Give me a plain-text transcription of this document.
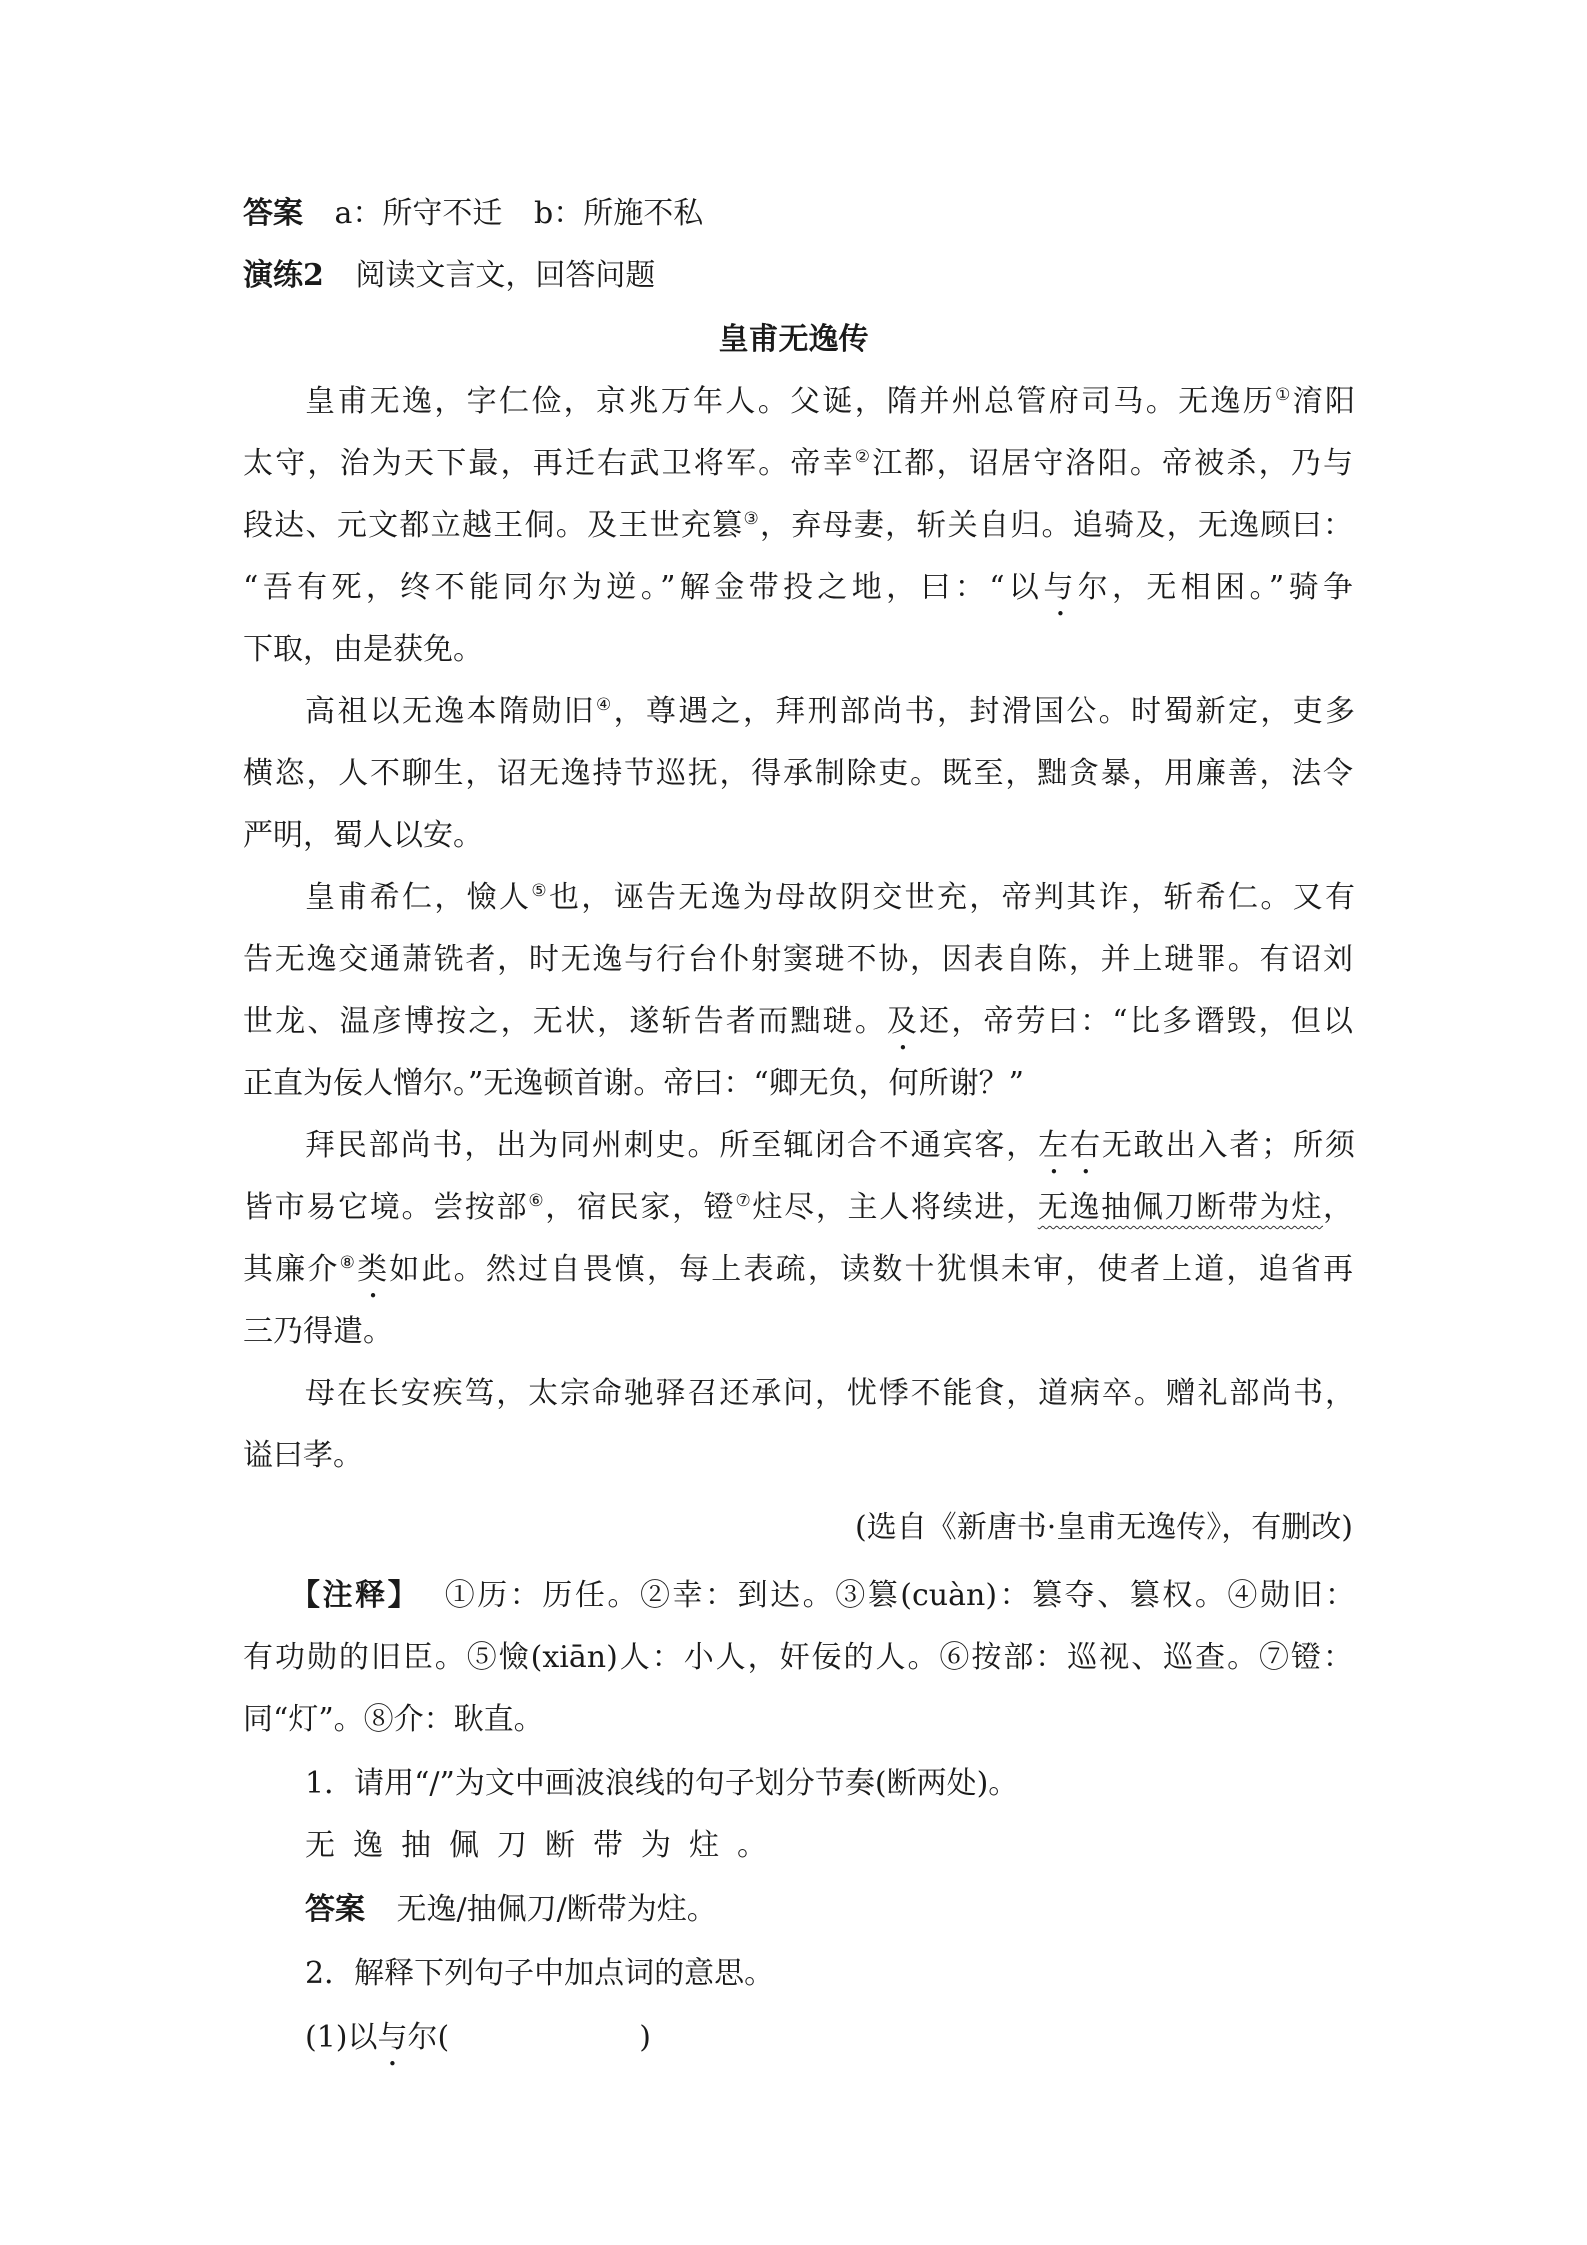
答案 a：所守不迁 b：所施不私
演练2 阅读文言文，回答问题
皇甫无逸传
皇甫无逸，字仁俭，京兆万年人。父诞，隋并州总管府司马。无逸历①淯阳
太守，治为天下最，再迁右武卫将军。帝幸②江都，诏居守洛阳。帝被杀，乃与
段达、元文都立越王侗。及王世充篡③，弃母妻，斩关自归。追骑及，无逸顾曰：
“吾有死，终不能同尔为逆。”解金带投之地，曰：“以与尔，无相困。”骑争
下取，由是获免。
高祖以无逸本隋勋旧④，尊遇之，拜刑部尚书，封滑国公。时蜀新定，吏多
横恣，人不聊生，诏无逸持节巡抚，得承制除吏。既至，黜贪暴，用廉善，法令
严明，蜀人以安。
皇甫希仁，憸人⑤也，诬告无逸为母故阴交世充，帝判其诈，斩希仁。又有
告无逸交通萧铣者，时无逸与行台仆射窦琎不协，因表自陈，并上琎罪。有诏刘
世龙、温彦博按之，无状，遂斩告者而黜琎。及还，帝劳曰：“比多谮毁，但以
正直为佞人憎尔。”无逸顿首谢。帝曰：“卿无负，何所谢？”
拜民部尚书，出为同州刺史。所至辄闭合不通宾客，左右无敢出入者；所须
皆市易它境。尝按部⑥，宿民家，镫⑦炷尽，主人将续进，无逸抽佩刀断带为炷，
其廉介⑧类如此。然过自畏慎，每上表疏，读数十犹惧未审，使者上道，追省再
三乃得遣。
母在长安疾笃，太宗命驰驿召还承问，忧悸不能食，道病卒。赠礼部尚书，
谥曰孝。
(选自《新唐书·皇甫无逸传》，有删改)
【注释】 ①历：历任。②幸：到达。③篡(cuàn)：篡夺、篡权。④勋旧：
有功勋的旧臣。⑤憸(xiān)人：小人，奸佞的人。⑥按部：巡视、巡查。⑦镫：
同“灯”。⑧介：耿直。
1．请用“/”为文中画波浪线的句子划分节奏(断两处)。
无逸抽佩刀断带为炷。
答案 无逸/抽佩刀/断带为炷。
2．解释下列句子中加点词的意思。
(1)以与尔(	)
